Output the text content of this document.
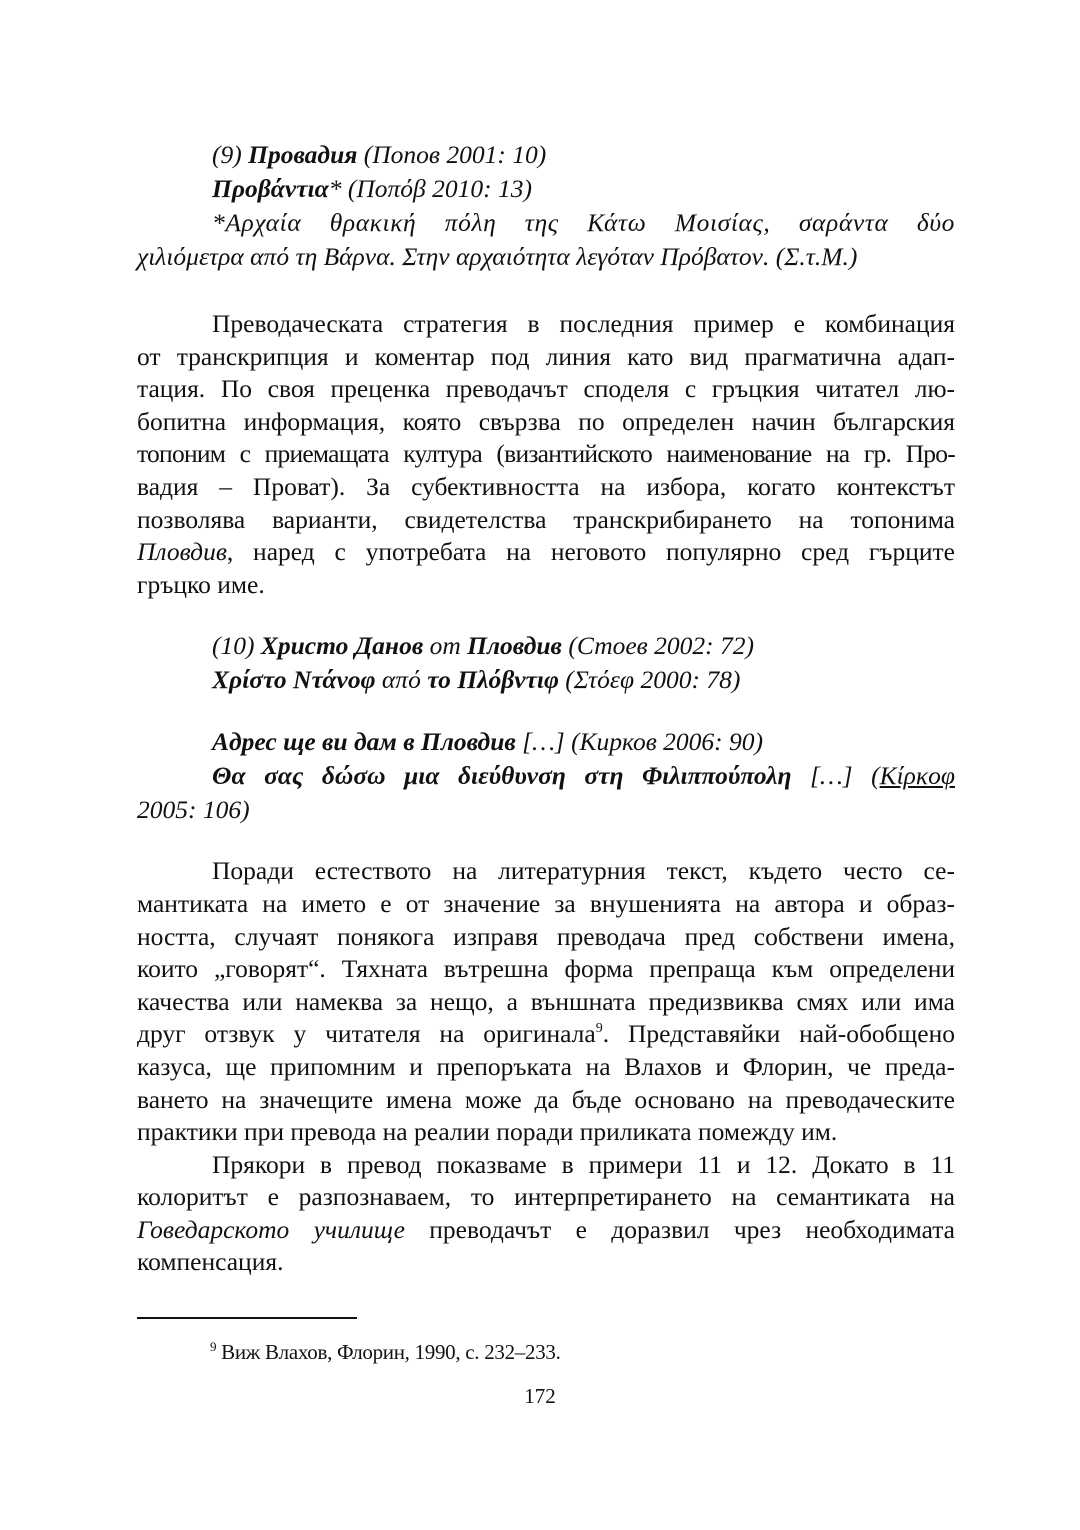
(9) Провадия (Попов 2001: 10)
Προβάντια* (Ποπόβ 2010: 13)
*Αρχαία θρακική πόλη της Κάτω Μοισίας, σαράντα δύο
χιλιόμετρα από τη Βάρνα. Στην αρχαιότητα λεγόταν Πρόβατον. (Σ.τ.Μ.)

Преводаческата стратегия в последния пример е комбинация
от транскрипция и коментар под линия като вид прагматична адап-
тация. По своя преценка преводачът споделя с гръцкия читател лю-
бопитна информация, която свързва по определен начин българския
топоним с приемащата култура (византийското наименование на гр. Про-
вадия – Проват). За субективността на избора, когато контекстът
позволява варианти, свидетелства транскрибирането на топонима
Пловдив, наред с употребата на неговото популярно сред гърците
гръцко име.

(10) Христо Данов от Пловдив (Стоев 2002: 72)
Χρίστο Ντάνοφ από το Πλόβντιφ (Στόεφ 2000: 78)
Адрес ще ви дам в Пловдив […] (Кирков 2006: 90)
Θα σας δώσω μια διεύθυνση στη Φιλιππούπολη […] (Κίρκοφ
2005: 106)

Поради естеството на литературния текст, където често се-
мантиката на името е от значение за внушенията на автора и образ-
ността, случаят понякога изправя преводача пред собствени имена,
които „говорят“. Тяхната вътрешна форма препраща към определени
качества или намеква за нещо, а външната предизвиква смях или има
друг отзвук у читателя на оригинала$^9$. Представяйки най-обобщено
казуса, ще припомним и препоръката на Влахов и Флорин, че преда-
ването на значещите имена може да бъде основано на преводаческите
практики при превода на реалии поради приликата помежду им.

Прякори в превод показваме в примери 11 и 12. Докато в 11
колоритът е разпознаваем, то интерпретирането на семантиката на
Говедарското училище преводачът е доразвил чрез необходимата
компенсация.

$^9$ Виж Влахов, Флорин, 1990, с. 232–233.
172
